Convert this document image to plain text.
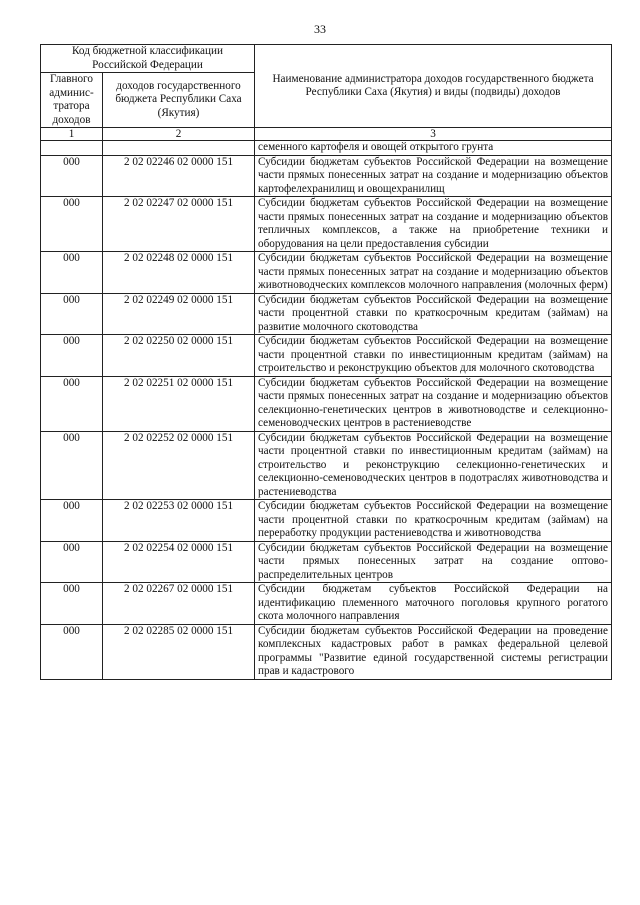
33
Код бюджетной классификации Российской Федерации		Наименование администратора доходов государственного бюджета Республики Саха (Якутия) и виды (подвиды) доходов
Главного админис-тратора доходов	доходов государственного бюджета Республики Саха (Якутия)	
1	2	3
		семенного картофеля и овощей открытого грунта
000	2 02 02246 02 0000 151	Субсидии бюджетам субъектов Российской Федерации на возмещение части прямых понесенных затрат на создание и модернизацию объектов картофелехранилищ и овощехранилищ
000	2 02 02247 02 0000 151	Субсидии бюджетам субъектов Российской Федерации на возмещение части прямых понесенных затрат на создание и модернизацию объектов тепличных комплексов, а также на приобретение техники и оборудования на цели предоставления субсидии
000	2 02 02248 02 0000 151	Субсидии бюджетам субъектов Российской Федерации на возмещение части прямых понесенных затрат на создание и модернизацию объектов животноводческих комплексов молочного направления (молочных ферм)
000	2 02 02249 02 0000 151	Субсидии бюджетам субъектов Российской Федерации на возмещение части процентной ставки по краткосрочным кредитам (займам) на развитие молочного скотоводства
000	2 02 02250 02 0000 151	Субсидии бюджетам субъектов Российской Федерации на возмещение части процентной ставки по инвестиционным кредитам (займам) на строительство и реконструкцию объектов для молочного скотоводства
000	2 02 02251 02 0000 151	Субсидии бюджетам субъектов Российской Федерации на возмещение части прямых понесенных затрат на создание и модернизацию объектов селекционно-генетических центров в животноводстве и селекционно-семеноводческих центров в растениеводстве
000	2 02 02252 02 0000 151	Субсидии бюджетам субъектов Российской Федерации на возмещение части процентной ставки по инвестиционным кредитам (займам) на строительство и реконструкцию селекционно-генетических и селекционно-семеноводческих центров в подотраслях животноводства и растениеводства
000	2 02 02253 02 0000 151	Субсидии бюджетам субъектов Российской Федерации на возмещение части процентной ставки по краткосрочным кредитам (займам) на переработку продукции растениеводства и животноводства
000	2 02 02254 02 0000 151	Субсидии бюджетам субъектов Российской Федерации на возмещение части прямых понесенных затрат на создание оптово-распределительных центров
000	2 02 02267 02 0000 151	Субсидии бюджетам субъектов Российской Федерации на идентификацию племенного маточного поголовья крупного рогатого скота молочного направления
000	2 02 02285 02 0000 151	Субсидии бюджетам субъектов Российской Федерации на проведение комплексных кадастровых работ в рамках федеральной целевой программы "Развитие единой государственной системы регистрации прав и кадастрового
